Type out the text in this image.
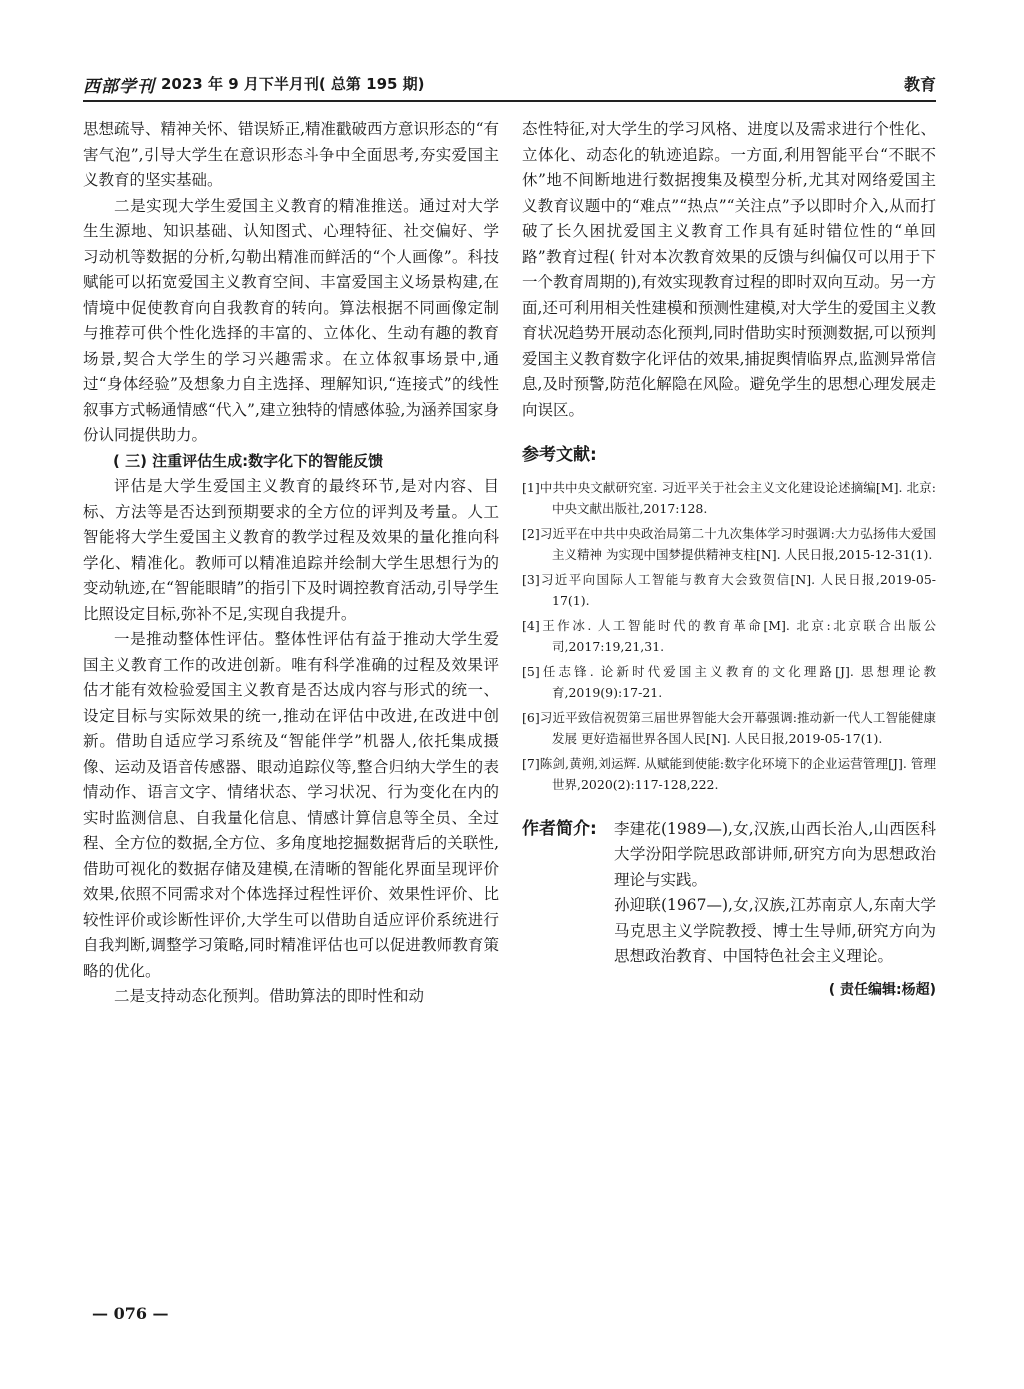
西部学刊 2023 年 9 月下半月刊( 总第 195 期)	教育

思想疏导、精神关怀、错误矫正,精准戳破西方意识形态的“有害气泡”,引导大学生在意识形态斗争中全面思考,夯实爱国主义教育的坚实基础。

二是实现大学生爱国主义教育的精准推送。通过对大学生生源地、知识基础、认知图式、心理特征、社交偏好、学习动机等数据的分析,勾勒出精准而鲜活的“个人画像”。科技赋能可以拓宽爱国主义教育空间、丰富爱国主义场景构建,在情境中促使教育向自我教育的转向。算法根据不同画像定制与推荐可供个性化选择的丰富的、立体化、生动有趣的教育场景,契合大学生的学习兴趣需求。在立体叙事场景中,通过“身体经验”及想象力自主选择、理解知识,“连接式”的线性叙事方式畅通情感“代入”,建立独特的情感体验,为涵养国家身份认同提供助力。

( 三) 注重评估生成:数字化下的智能反馈

评估是大学生爱国主义教育的最终环节,是对内容、目标、方法等是否达到预期要求的全方位的评判及考量。人工智能将大学生爱国主义教育的教学过程及效果的量化推向科学化、精准化。教师可以精准追踪并绘制大学生思想行为的变动轨迹,在“智能眼睛”的指引下及时调控教育活动,引导学生比照设定目标,弥补不足,实现自我提升。

一是推动整体性评估。整体性评估有益于推动大学生爱国主义教育工作的改进创新。唯有科学准确的过程及效果评估才能有效检验爱国主义教育是否达成内容与形式的统一、设定目标与实际效果的统一,推动在评估中改进,在改进中创新。借助自适应学习系统及“智能伴学”机器人,依托集成摄像、运动及语音传感器、眼动追踪仪等,整合归纳大学生的表情动作、语言文字、情绪状态、学习状况、行为变化在内的实时监测信息、自我量化信息、情感计算信息等全员、全过程、全方位的数据,全方位、多角度地挖掘数据背后的关联性,借助可视化的数据存储及建模,在清晰的智能化界面呈现评价效果,依照不同需求对个体选择过程性评价、效果性评价、比较性评价或诊断性评价,大学生可以借助自适应评价系统进行自我判断,调整学习策略,同时精准评估也可以促进教师教育策略的优化。

二是支持动态化预判。借助算法的即时性和动

态性特征,对大学生的学习风格、进度以及需求进行个性化、立体化、动态化的轨迹追踪。一方面,利用智能平台“不眠不休”地不间断地进行数据搜集及模型分析,尤其对网络爱国主义教育议题中的“难点”“热点”“关注点”予以即时介入,从而打破了长久困扰爱国主义教育工作具有延时错位性的“单回路”教育过程( 针对本次教育效果的反馈与纠偏仅可以用于下一个教育周期的),有效实现教育过程的即时双向互动。另一方面,还可利用相关性建模和预测性建模,对大学生的爱国主义教育状况趋势开展动态化预判,同时借助实时预测数据,可以预判爱国主义教育数字化评估的效果,捕捉舆情临界点,监测异常信息,及时预警,防范化解隐在风险。避免学生的思想心理发展走向误区。

参考文献:

[1]中共中央文献研究室. 习近平关于社会主义文化建设论述摘编[M]. 北京:中央文献出版社,2017:128.

[2]习近平在中共中央政治局第二十九次集体学习时强调:大力弘扬伟大爱国主义精神 为实现中国梦提供精神支柱[N]. 人民日报,2015-12-31(1).

[3]习近平向国际人工智能与教育大会致贺信[N]. 人民日报,2019-05-17(1).

[4]王作冰. 人工智能时代的教育革命[M]. 北京:北京联合出版公司,2017:19,21,31.

[5]任志锋. 论新时代爱国主义教育的文化理路[J]. 思想理论教育,2019(9):17-21.

[6]习近平致信祝贺第三届世界智能大会开幕强调:推动新一代人工智能健康发展 更好造福世界各国人民[N]. 人民日报,2019-05-17(1).

[7]陈剑,黄朔,刘运辉. 从赋能到使能:数字化环境下的企业运营管理[J]. 管理世界,2020(2):117-128,222.

作者简介: 李建花(1989—),女,汉族,山西长治人,山西医科大学汾阳学院思政部讲师,研究方向为思想政治理论与实践。

孙迎联(1967—),女,汉族,江苏南京人,东南大学马克思主义学院教授、博士生导师,研究方向为思想政治教育、中国特色社会主义理论。

( 责任编辑:杨超)
— 076 —
